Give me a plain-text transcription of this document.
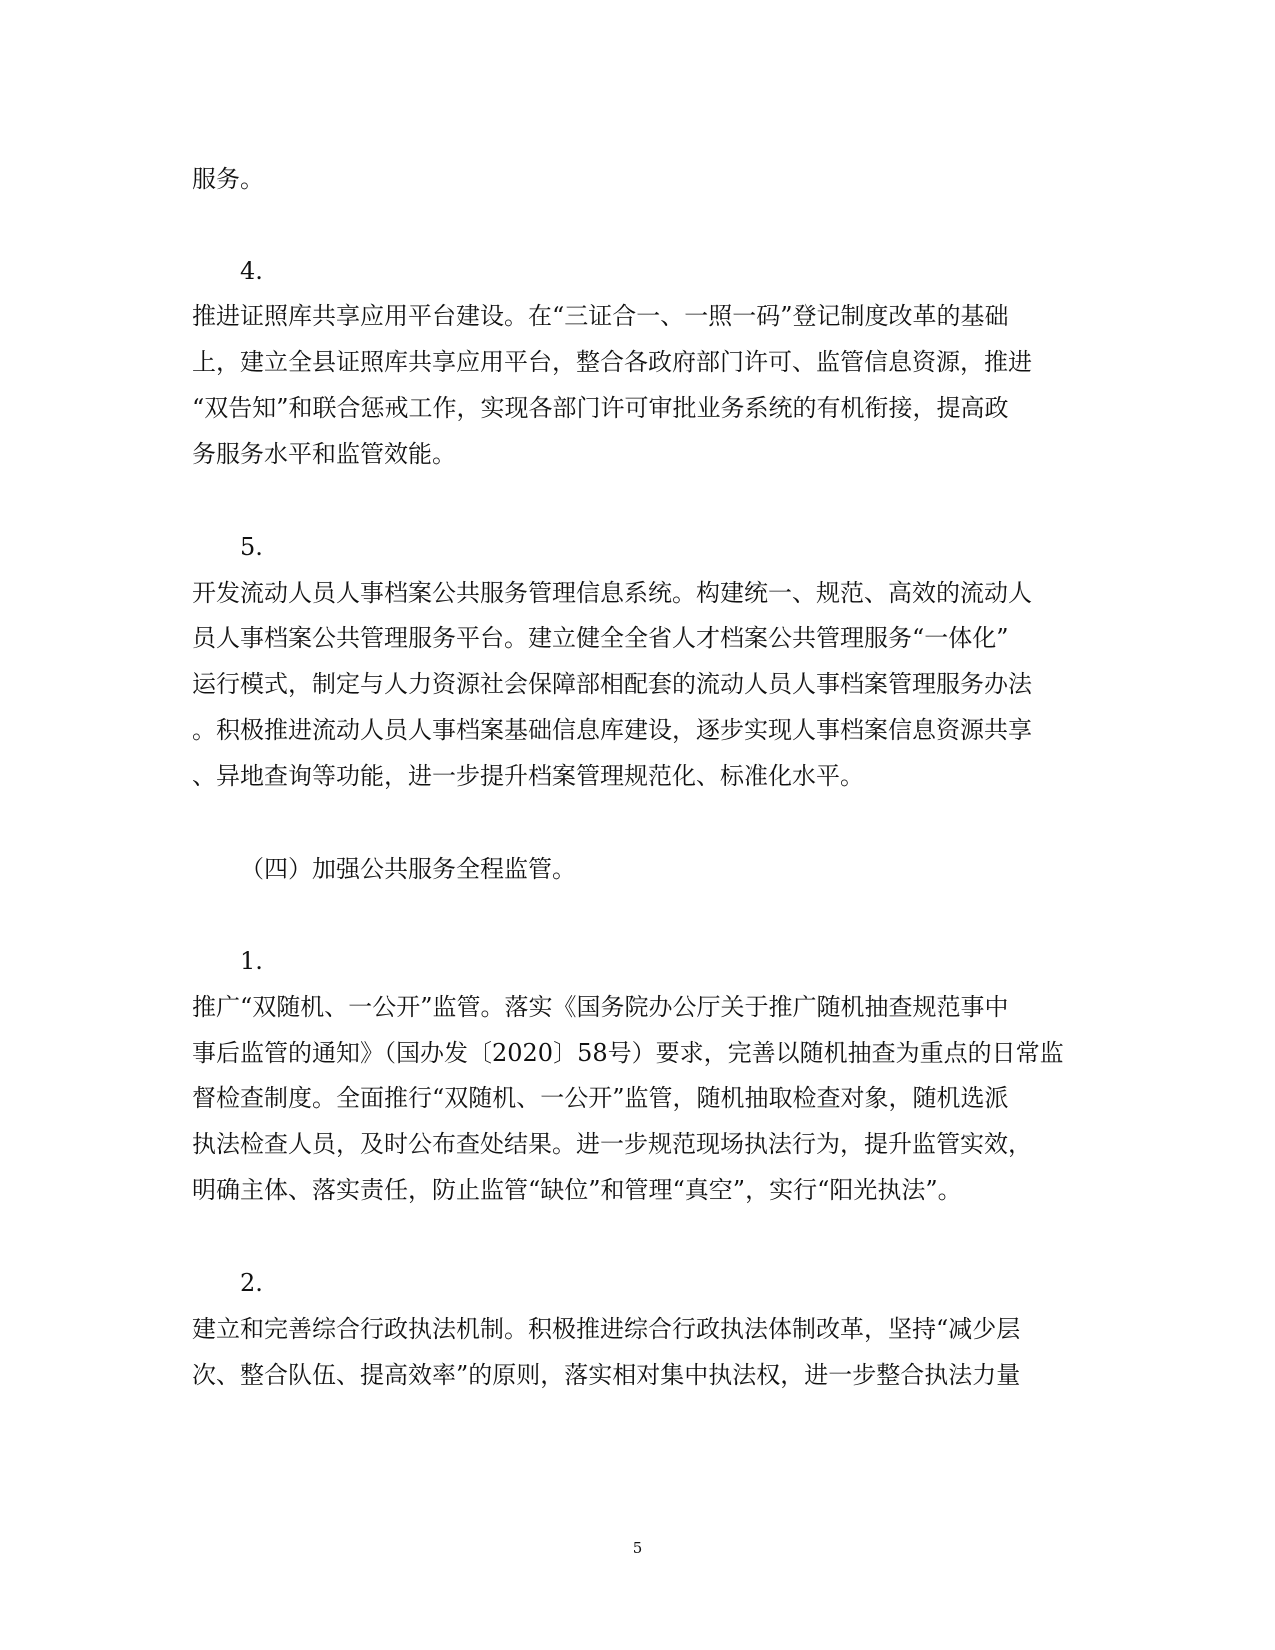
服务。
4.
推进证照库共享应用平台建设。在“三证合一、一照一码”登记制度改革的基础
上，建立全县证照库共享应用平台，整合各政府部门许可、监管信息资源，推进
“双告知”和联合惩戒工作，实现各部门许可审批业务系统的有机衔接，提高政
务服务水平和监管效能。
5.
开发流动人员人事档案公共服务管理信息系统。构建统一、规范、高效的流动人
员人事档案公共管理服务平台。建立健全全省人才档案公共管理服务“一体化”
运行模式，制定与人力资源社会保障部相配套的流动人员人事档案管理服务办法
。积极推进流动人员人事档案基础信息库建设，逐步实现人事档案信息资源共享
、异地查询等功能，进一步提升档案管理规范化、标准化水平。
（四）加强公共服务全程监管。
1.
推广“双随机、一公开”监管。落实《国务院办公厅关于推广随机抽查规范事中
事后监管的通知》（国办发〔2020〕58号）要求，完善以随机抽查为重点的日常监
督检查制度。全面推行“双随机、一公开”监管，随机抽取检查对象，随机选派
执法检查人员，及时公布查处结果。进一步规范现场执法行为，提升监管实效，
明确主体、落实责任，防止监管“缺位”和管理“真空”，实行“阳光执法”。
2.
建立和完善综合行政执法机制。积极推进综合行政执法体制改革，坚持“减少层
次、整合队伍、提高效率”的原则，落实相对集中执法权，进一步整合执法力量
5
